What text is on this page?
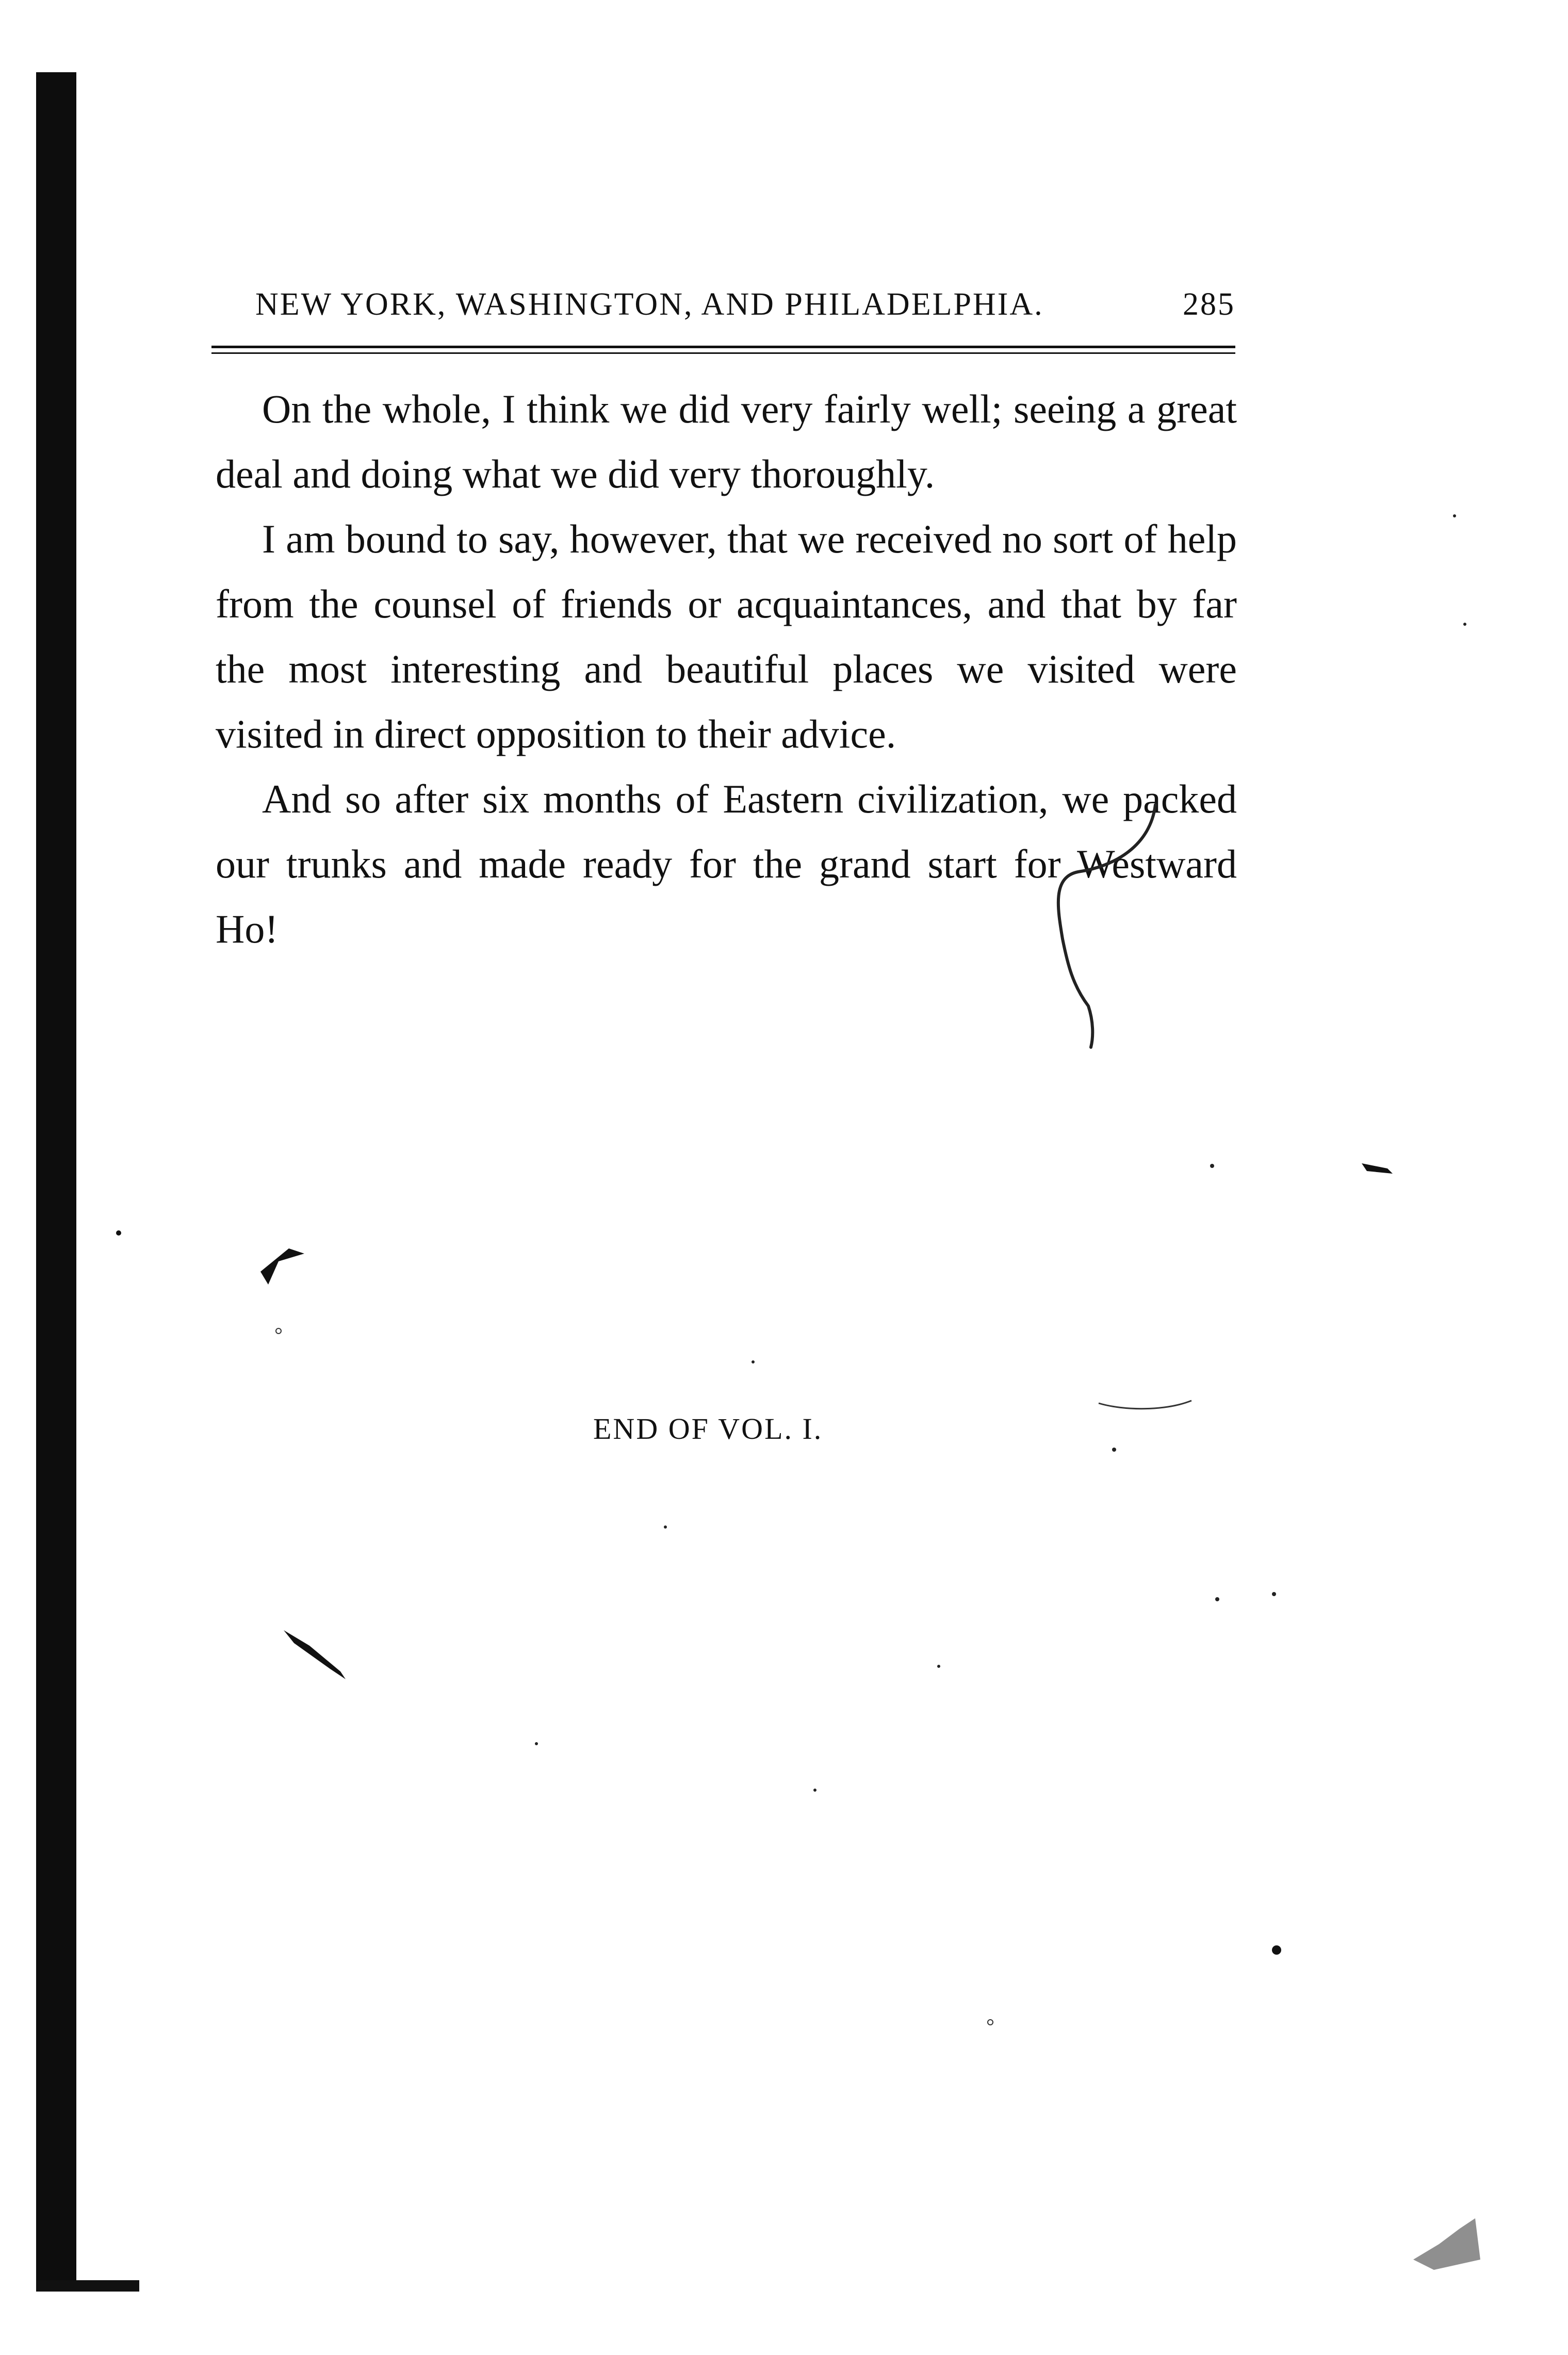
NEW YORK, WASHINGTON, AND PHILADELPHIA.	285

On the whole, I think we did very fairly well; seeing a great deal and doing what we did very thoroughly.

I am bound to say, however, that we received no sort of help from the counsel of friends or acquaintances, and that by far the most interesting and beautiful places we visited were visited in direct opposition to their advice.

And so after six months of Eastern civilization, we packed our trunks and made ready for the grand start for Westward Ho!

END OF VOL. I.
